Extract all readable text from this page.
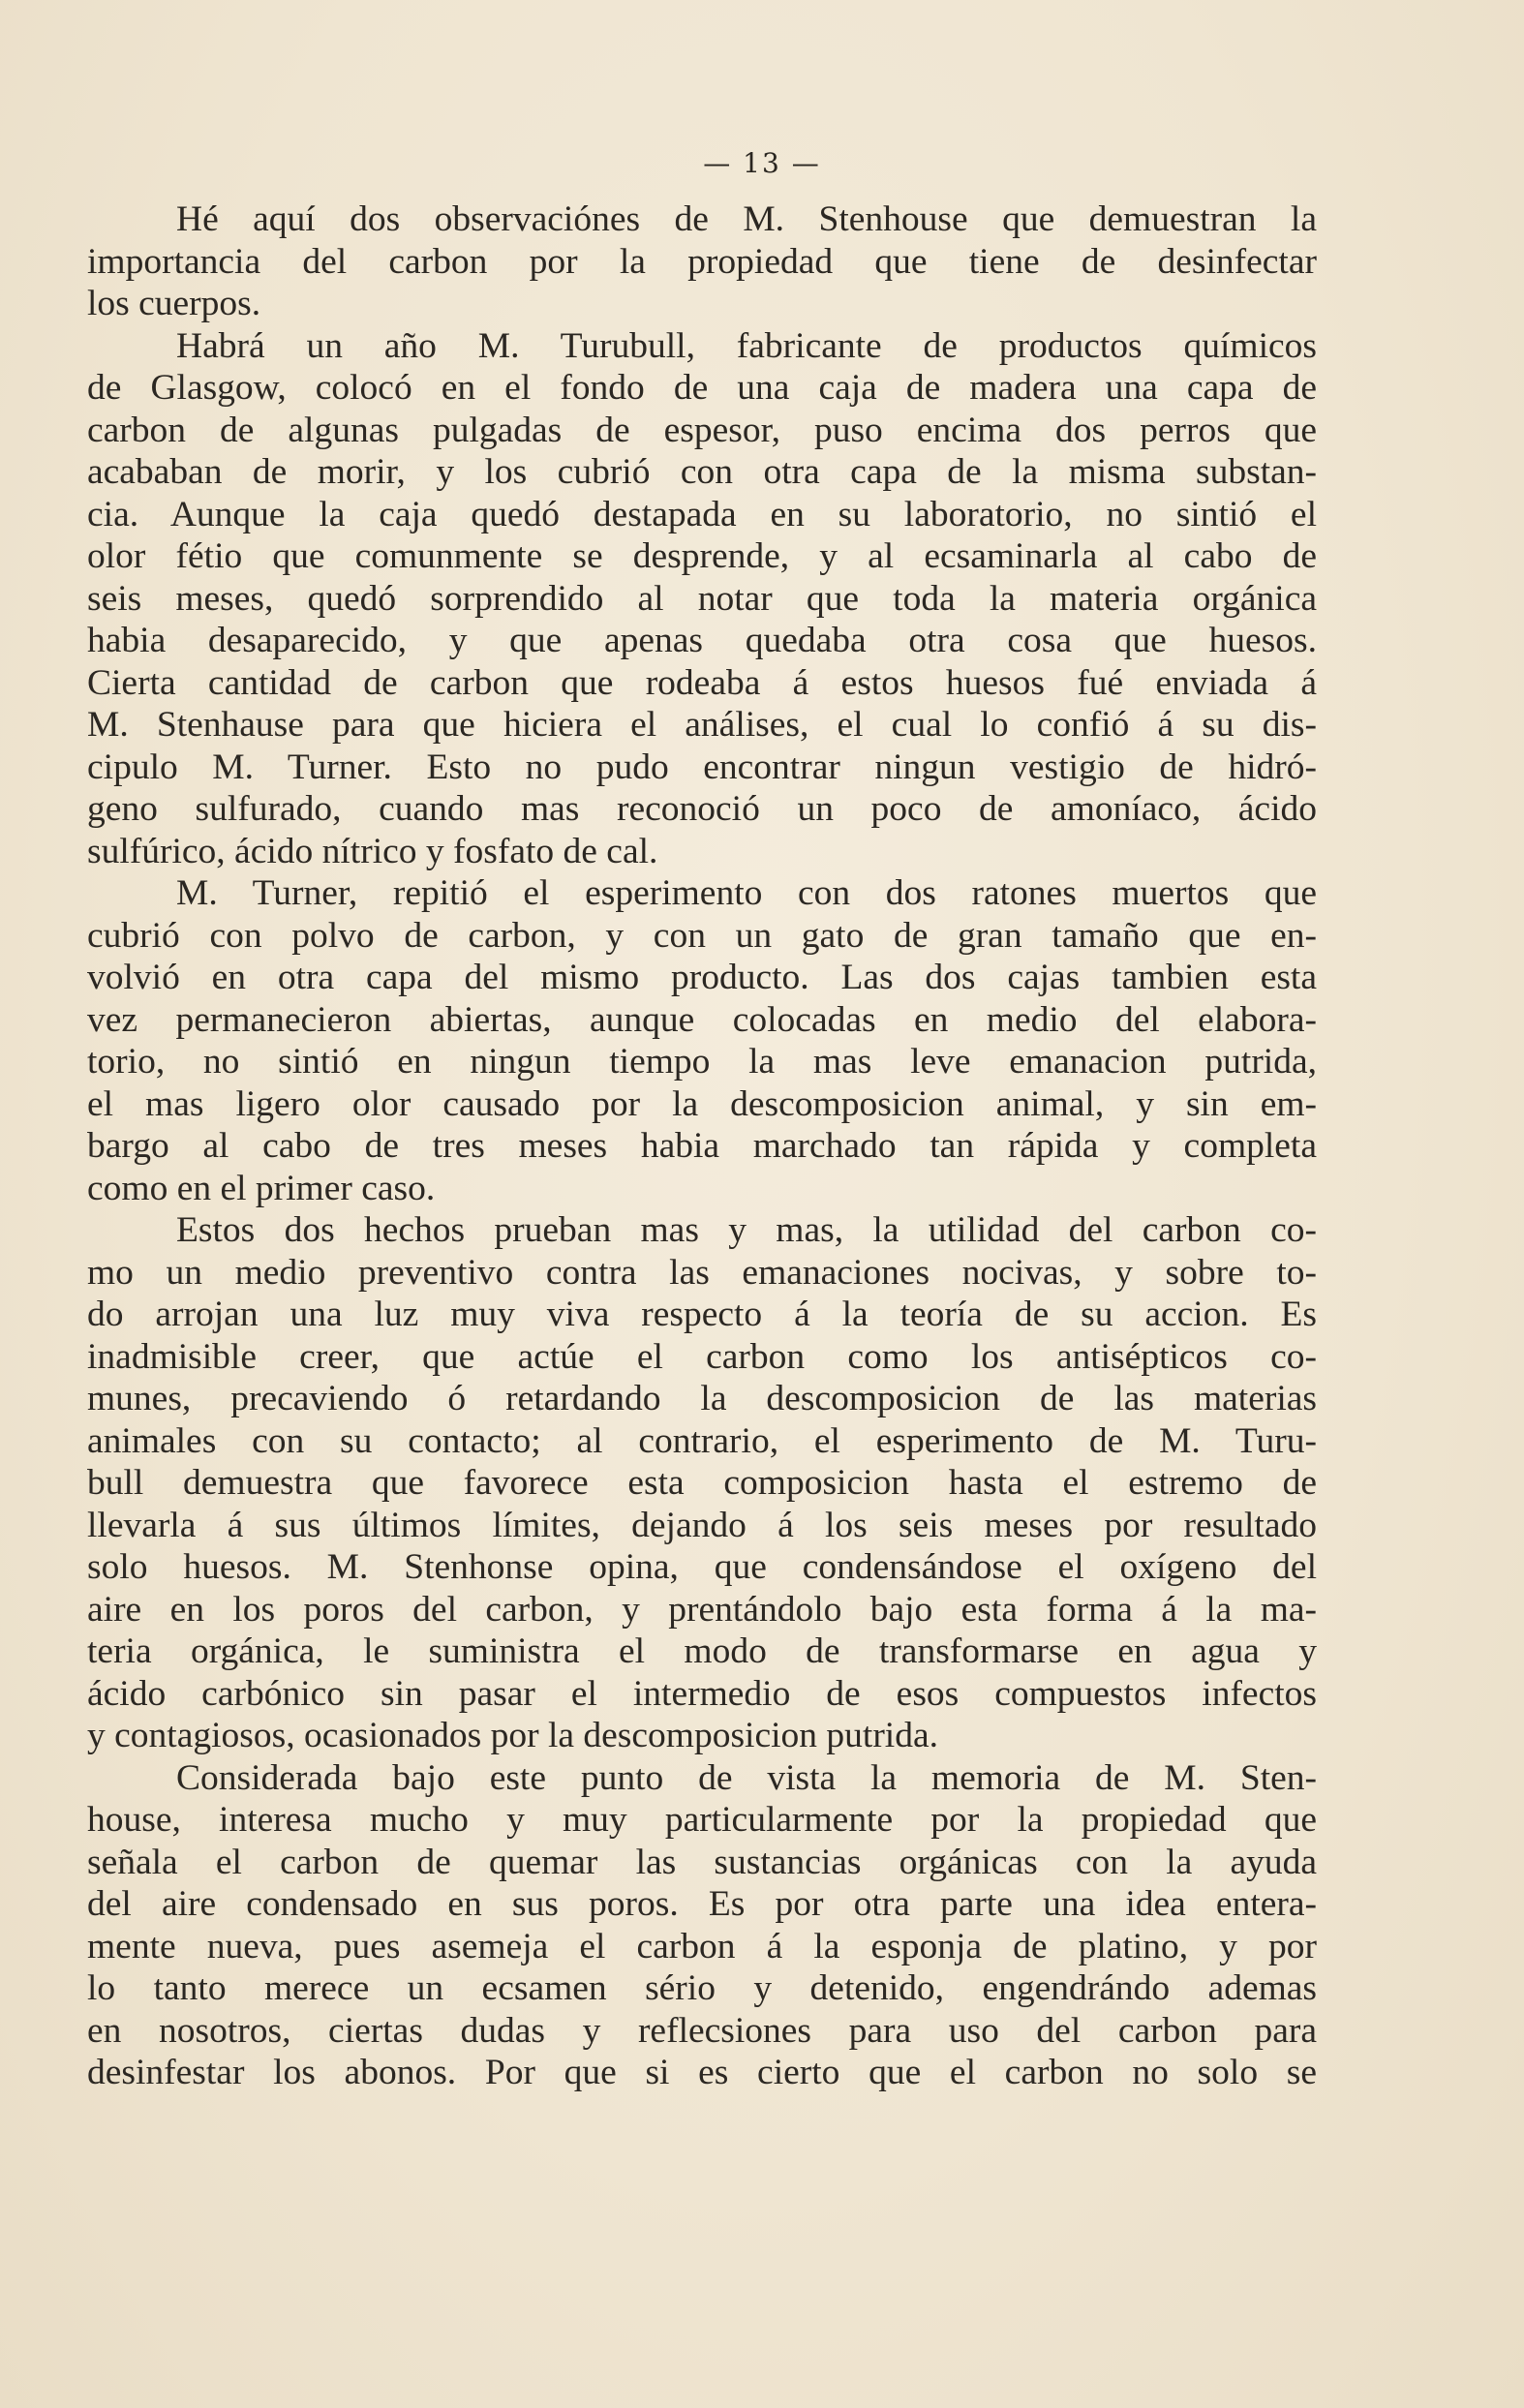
— 13 —
Hé aquí dos observaciónes de M. Stenhouse que demuestran la
importancia del carbon por la propiedad que tiene de desinfectar
los cuerpos.
Habrá un año M. Turubull, fabricante de productos químicos
de Glasgow, colocó en el fondo de una caja de madera una capa de
carbon de algunas pulgadas de espesor, puso encima dos perros que
acababan de morir, y los cubrió con otra capa de la misma substan-
cia. Aunque la caja quedó destapada en su laboratorio, no sintió el
olor fétio que comunmente se desprende, y al ecsaminarla al cabo de
seis meses, quedó sorprendido al notar que toda la materia orgánica
habia desaparecido, y que apenas quedaba otra cosa que huesos.
Cierta cantidad de carbon que rodeaba á estos huesos fué enviada á
M. Stenhause para que hiciera el análises, el cual lo confió á su dis-
cipulo M. Turner. Esto no pudo encontrar ningun vestigio de hidró-
geno sulfurado, cuando mas reconoció un poco de amoníaco, ácido
sulfúrico, ácido nítrico y fosfato de cal.
M. Turner, repitió el esperimento con dos ratones muertos que
cubrió con polvo de carbon, y con un gato de gran tamaño que en-
volvió en otra capa del mismo producto. Las dos cajas tambien esta
vez permanecieron abiertas, aunque colocadas en medio del elabora-
torio, no sintió en ningun tiempo la mas leve emanacion putrida,
el mas ligero olor causado por la descomposicion animal, y sin em-
bargo al cabo de tres meses habia marchado tan rápida y completa
como en el primer caso.
Estos dos hechos prueban mas y mas, la utilidad del carbon co-
mo un medio preventivo contra las emanaciones nocivas, y sobre to-
do arrojan una luz muy viva respecto á la teoría de su accion. Es
inadmisible creer, que actúe el carbon como los antisépticos co-
munes, precaviendo ó retardando la descomposicion de las materias
animales con su contacto; al contrario, el esperimento de M. Turu-
bull demuestra que favorece esta composicion hasta el estremo de
llevarla á sus últimos límites, dejando á los seis meses por resultado
solo huesos. M. Stenhonse opina, que condensándose el oxígeno del
aire en los poros del carbon, y prentándolo bajo esta forma á la ma-
teria orgánica, le suministra el modo de transformarse en agua y
ácido carbónico sin pasar el intermedio de esos compuestos infectos
y contagiosos, ocasionados por la descomposicion putrida.
Considerada bajo este punto de vista la memoria de M. Sten-
house, interesa mucho y muy particularmente por la propiedad que
señala el carbon de quemar las sustancias orgánicas con la ayuda
del aire condensado en sus poros. Es por otra parte una idea entera-
mente nueva, pues asemeja el carbon á la esponja de platino, y por
lo tanto merece un ecsamen sério y detenido, engendrándo ademas
en nosotros, ciertas dudas y reflecsiones para uso del carbon para
desinfestar los abonos. Por que si es cierto que el carbon no solo se
